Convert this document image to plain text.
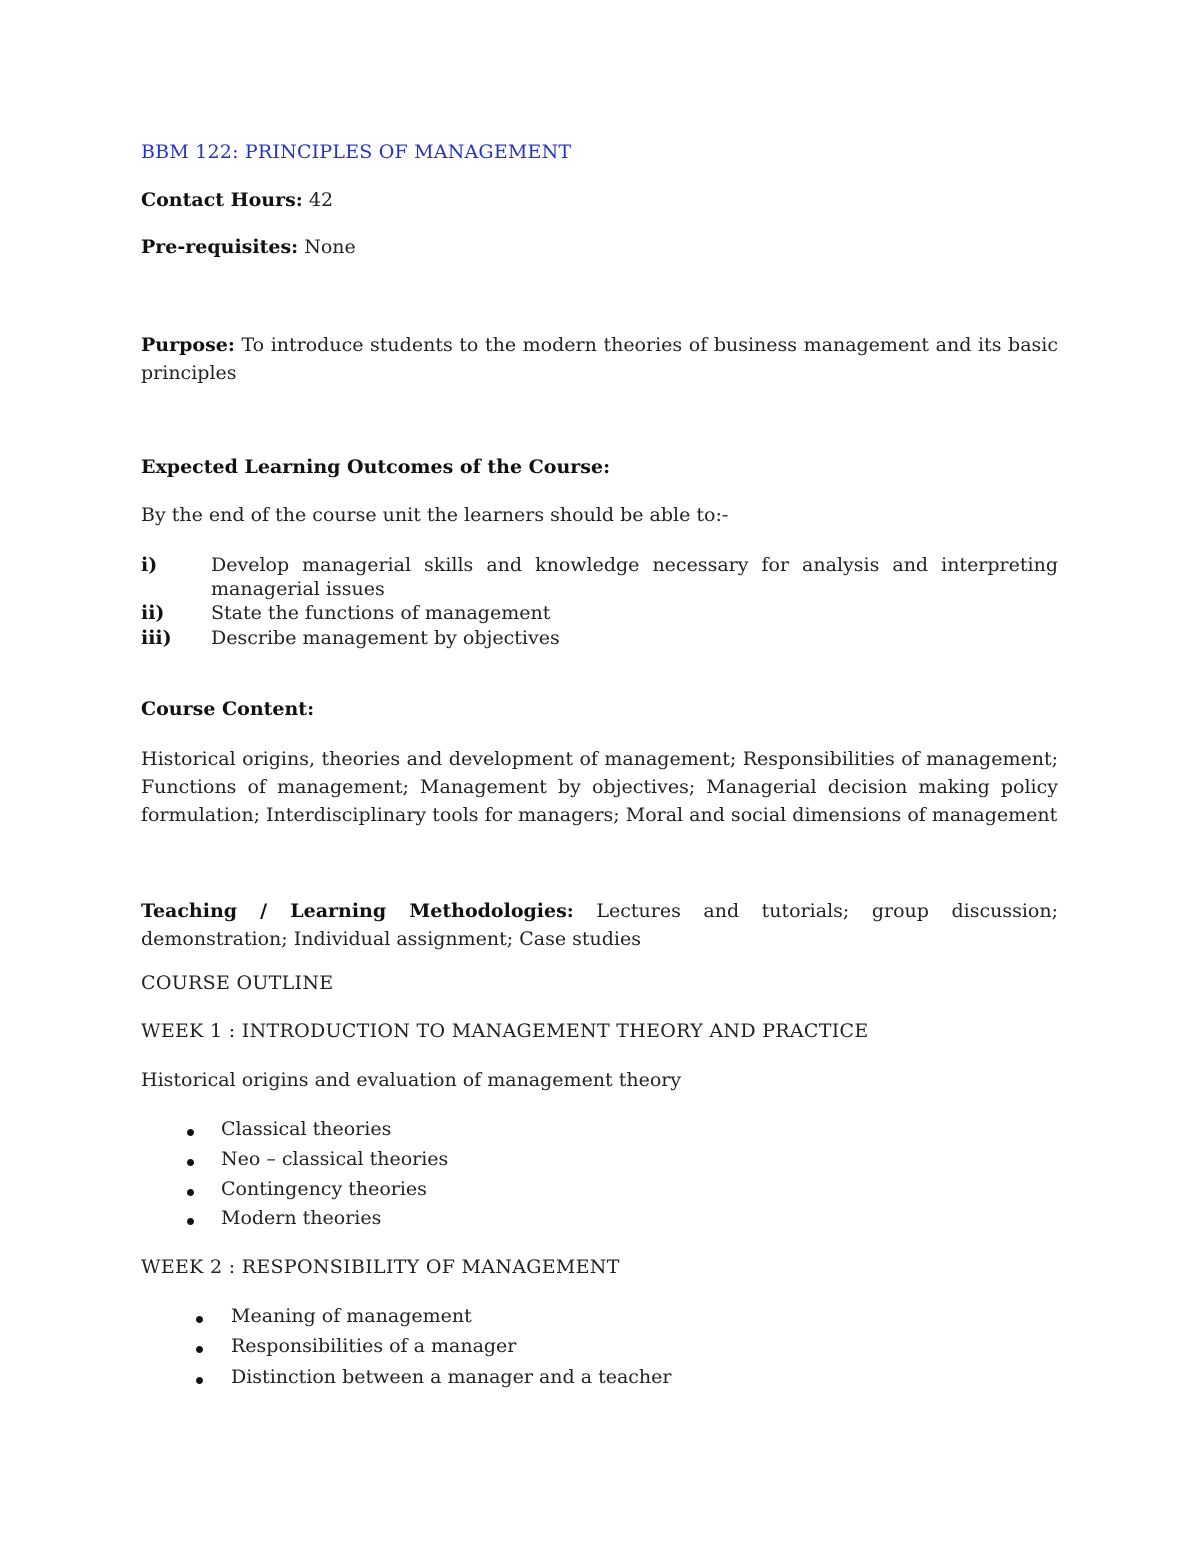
BBM 122: PRINCIPLES OF MANAGEMENT
Contact Hours: 42
Pre-requisites: None
Purpose: To introduce students to the modern theories of business management and its basic
principles
Expected Learning Outcomes of the Course:
By the end of the course unit the learners should be able to:-
i)	Develop managerial skills and knowledge necessary for analysis and interpreting
managerial issues
ii) State the functions of management
iii) Describe management by objectives
Course Content:
Historical origins, theories and development of management; Responsibilities of management;
Functions of management; Management by objectives; Managerial decision making policy
formulation; Interdisciplinary tools for managers; Moral and social dimensions of management
Teaching / Learning Methodologies: Lectures and tutorials; group discussion;
demonstration; Individual assignment; Case studies
COURSE OUTLINE
WEEK 1 : INTRODUCTION TO MANAGEMENT THEORY AND PRACTICE
Historical origins and evaluation of management theory
Classical theories
Neo – classical theories
Contingency theories
Modern theories
WEEK 2 : RESPONSIBILITY OF MANAGEMENT
Meaning of management
Responsibilities of a manager
Distinction between a manager and a teacher
